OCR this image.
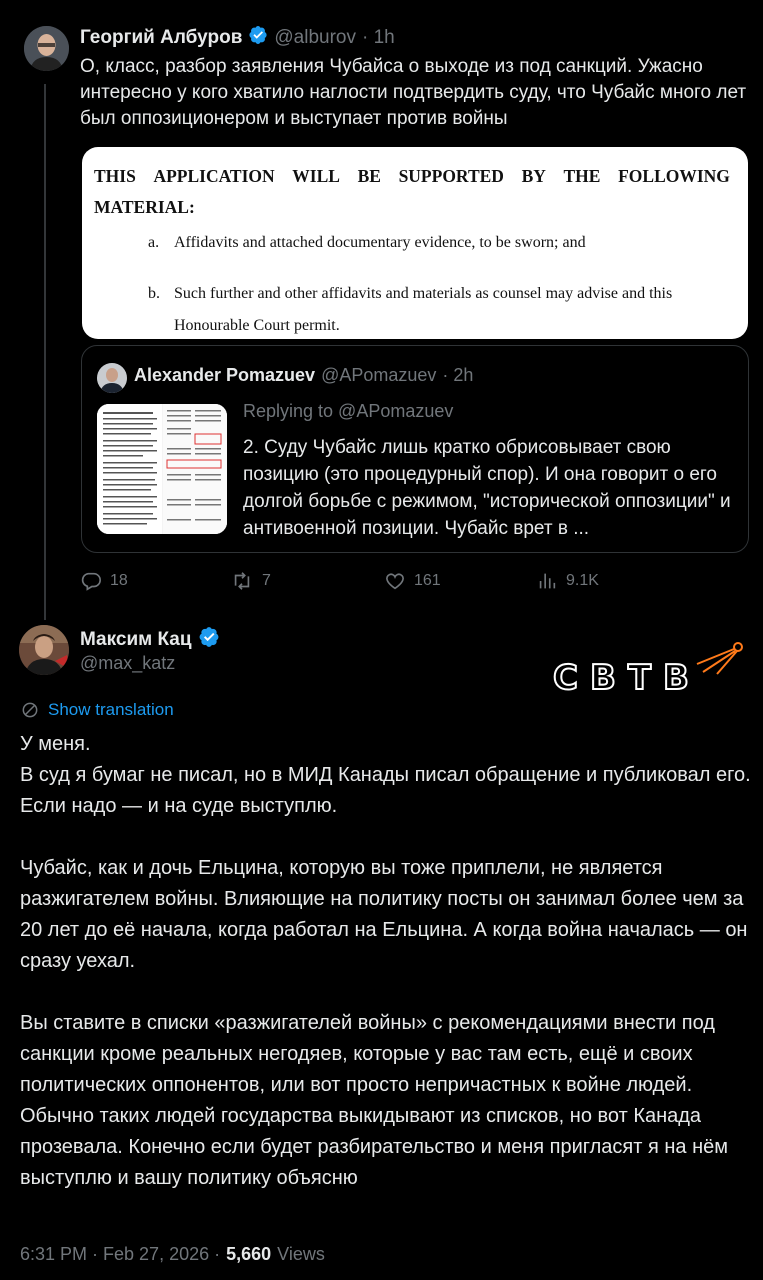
Георгий Албуров @alburov · 1h
О, класс, разбор заявления Чубайса о выходе из под санкций. Ужасно интересно у кого хватило наглости подтвердить суду, что Чубайс много лет был оппозиционером и выступает против войны
THIS APPLICATION WILL BE SUPPORTED BY THE FOLLOWING
MATERIAL:
a. Affidavits and attached documentary evidence, to be sworn; and
b. Such further and other affidavits and materials as counsel may advise and this
Honourable Court permit.
Alexander Pomazuev @APomazuev · 2h
Replying to @APomazuev
2. Суду Чубайс лишь кратко обрисовывает свою позицию (это процедурный спор). И она говорит о его долгой борьбе с режимом, "исторической оппозиции" и антивоенной позиции. Чубайс врет в ...
18	7	161	9.1K
Максим Кац
@max_katz	СВТВ
Show translation

У меня.
В суд я бумаг не писал, но в МИД Канады писал обращение и публиковал его. Если надо — и на суде выступлю.

Чубайс, как и дочь Ельцина, которую вы тоже приплели, не является разжигателем войны. Влияющие на политику посты он занимал более чем за 20 лет до её начала, когда работал на Ельцина. А когда война началась — он сразу уехал.

Вы ставите в списки «разжигателей войны» с рекомендациями внести под санкции кроме реальных негодяев, которые у вас там есть, ещё и своих политических оппонентов, или вот просто непричастных к войне людей. Обычно таких людей государства выкидывают из списков, но вот Канада прозевала. Конечно если будет разбирательство и меня пригласят я на нём выступлю и вашу политику объясню

6:31 PM · Feb 27, 2026 · 5,660 Views
